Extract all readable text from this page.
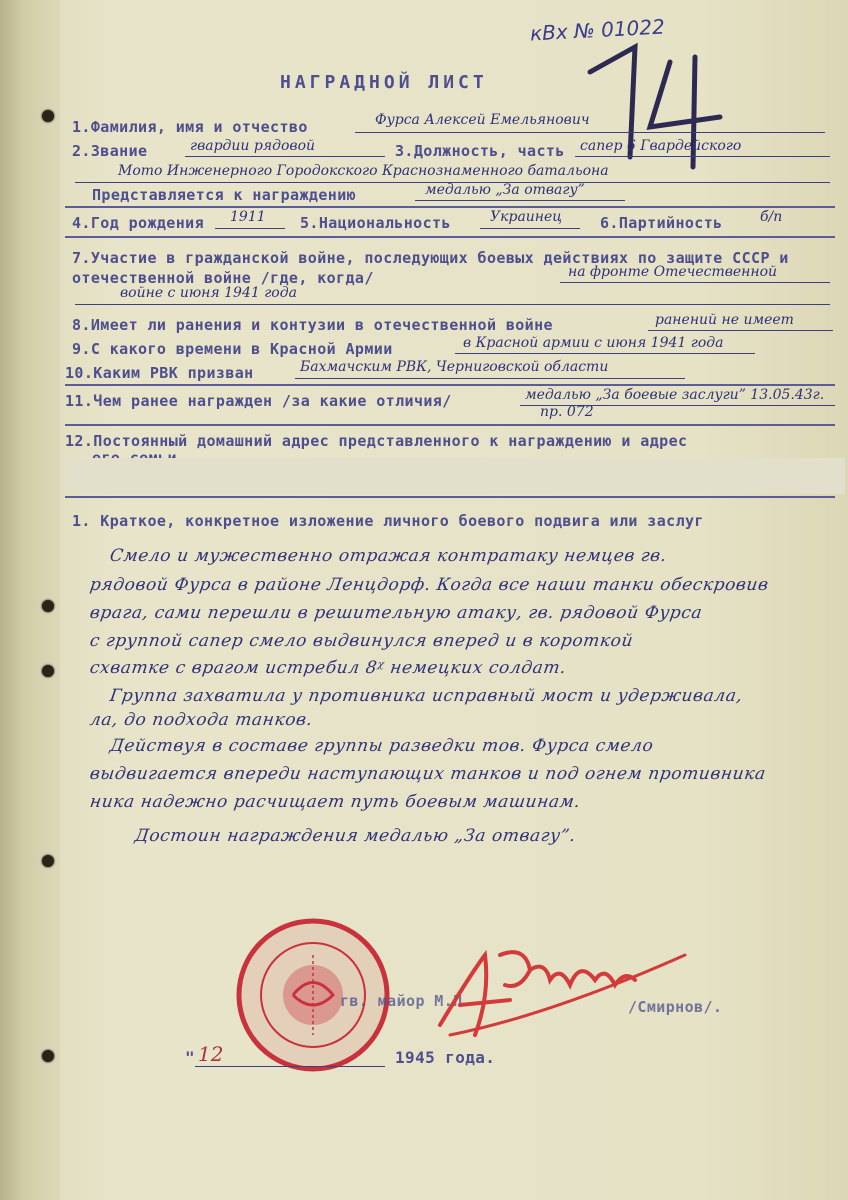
кВх № 01022
НАГРАДНОЙ ЛИСТ
1.Фамилия, имя и отчество	Фурса Алексей Емельянович
2.Звание	гвардии рядовой	3.Должность, часть сапер 6 Гвардейского
Мото Инженерного Городокского Краснознаменного батальона
Представляется к награждению	медалью „За отвагу”
4.Год рождения 1911 5.Национальность	Украинец	6.Партийность	б/п
7.Участие в гражданской войне, последующих боевых действиях по защите СССР и отечественной войне /где, когда/	на фронте Отечественной
войне с июня 1941 года
8.Имеет ли ранения и контузии в отечественной войне	ранений не имеет
9.С какого времени в Красной Армии	в Красной армии с июня 1941 года
10.Каким РВК призван	Бахмачским РВК, Черниговской области
11.Чем ранее награжден /за какие отличия/	медалью „За боевые заслуги” 13.05.43г.
пр. 072
12.Постоянный домашний адрес представленного к награждению и адрес
1. Краткое, конкретное изложение личного боевого подвига или заслуг
Смело и мужественно отражая контратаку немцев гв.
рядовой Фурса в районе Ленцдорф. Когда все наши танки обескровив
врага, сами перешли в решительную атаку, гв. рядовой Фурса
с группой сапер смело выдвинулся вперед и в короткой
схватке с врагом истребил 8ᵡ немецких солдат.
Группа захватила у противника исправный мост и удерживала,
ла, до подхода танков.
Действуя в составе группы разведки тов. Фурса смело
выдвигается впереди наступающих танков и под огнем противника
ника надежно расчищает путь боевым машинам.
Достоин награждения медалью „За отвагу”.
гв. майор М.П.	/Смирнов/.
" 12	1945 года.
